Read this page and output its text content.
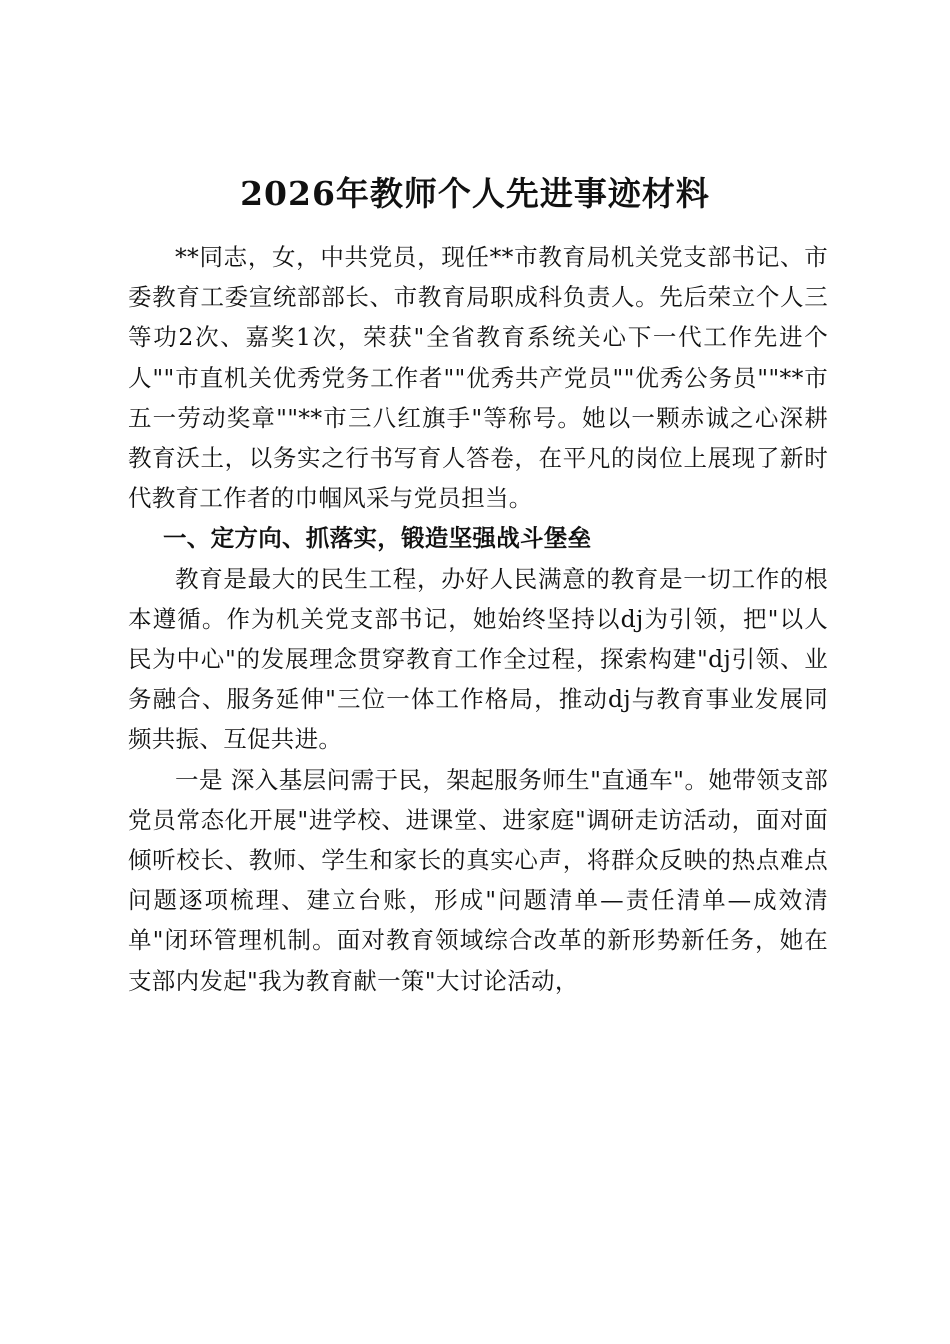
2026年教师个人先进事迹材料

**同志，女，中共党员，现任**市教育局机关党支部书记、市委教育工委宣统部部长、市教育局职成科负责人。先后荣立个人三等功2次、嘉奖1次，荣获"全省教育系统关心下一代工作先进个人""市直机关优秀党务工作者""优秀共产党员""优秀公务员""**市五一劳动奖章""**市三八红旗手"等称号。她以一颗赤诚之心深耕教育沃土，以务实之行书写育人答卷，在平凡的岗位上展现了新时代教育工作者的巾帼风采与党员担当。

一、定方向、抓落实，锻造坚强战斗堡垒

教育是最大的民生工程，办好人民满意的教育是一切工作的根本遵循。作为机关党支部书记，她始终坚持以dj为引领，把"以人民为中心"的发展理念贯穿教育工作全过程，探索构建"dj引领、业务融合、服务延伸"三位一体工作格局，推动dj与教育事业发展同频共振、互促共进。

一是 深入基层问需于民，架起服务师生"直通车"。她带领支部党员常态化开展"进学校、进课堂、进家庭"调研走访活动，面对面倾听校长、教师、学生和家长的真实心声，将群众反映的热点难点问题逐项梳理、建立台账，形成"问题清单—责任清单—成效清单"闭环管理机制。面对教育领域综合改革的新形势新任务，她在支部内发起"我为教育献一策"大讨论活动，
